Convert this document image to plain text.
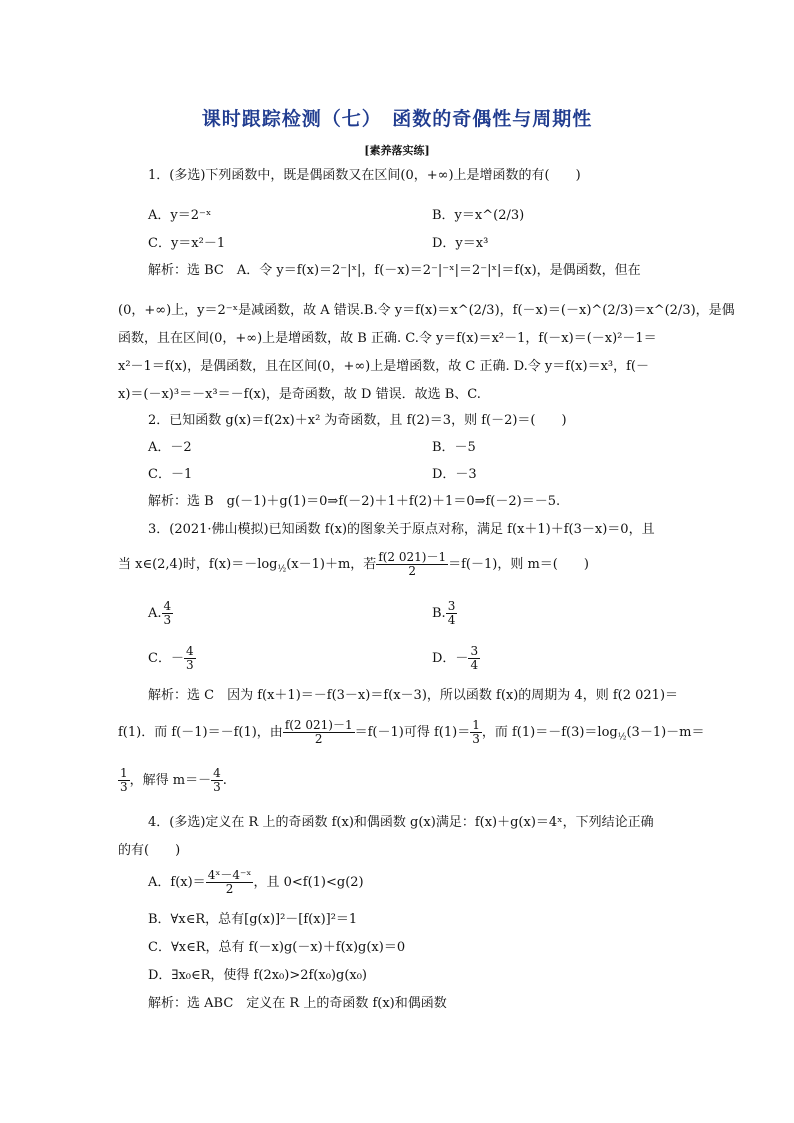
课时跟踪检测（七）　函数的奇偶性与周期性
[素养落实练]
1．(多选)下列函数中，既是偶函数又在区间(0，+∞)上是增函数的有(　　)
A．y＝2⁻ˣ	B．y＝x^(2/3)
C．y＝x²－1	D．y＝x³
解析：选 BC　A．令 y＝f(x)＝2⁻|ˣ|，f(－x)＝2⁻|⁻ˣ|＝2⁻|ˣ|＝f(x)，是偶函数，但在
(0，+∞)上，y＝2⁻ˣ是减函数，故 A 错误.B.令 y＝f(x)＝x^(2/3)，f(－x)＝(－x)^(2/3)＝x^(2/3)，是偶
函数，且在区间(0，+∞)上是增函数，故 B 正确. C.令 y＝f(x)＝x²－1，f(－x)＝(－x)²－1＝
x²－1＝f(x)，是偶函数，且在区间(0，+∞)上是增函数，故 C 正确. D.令 y＝f(x)＝x³，f(－
x)＝(－x)³＝－x³＝－f(x)，是奇函数，故 D 错误．故选 B、C.
2．已知函数 g(x)＝f(2x)＋x² 为奇函数，且 f(2)＝3，则 f(－2)＝(　　)
A．－2	B．－5
C．－1	D．－3
解析：选 B　g(－1)＋g(1)＝0⇒f(－2)＋1＋f(2)＋1＝0⇒f(－2)＝－5.
3．(2021·佛山模拟)已知函数 f(x)的图象关于原点对称，满足 f(x＋1)＋f(3－x)＝0，且
当 x∈(2,4)时，$f(x)=-\log_{\frac{1}{2}}(x-1)+m$，若 $\frac{f(2 021)-1}{2} =f(-1)$，则 m＝(　　)
A. $\frac{4}{3}$	B. $\frac{3}{4}$
C．－ $\frac{4}{3}$	D．－ $\frac{3}{4}$
解析：选 C　因为 f(x＋1)＝－f(3－x)＝f(x－3)，所以函数 f(x)的周期为 4，则 f(2 021)＝
f(1)．而 f(－1)＝－f(1)，由 $\frac{f(2 021)-1}{2} =f(-1)$可得 $f(1)= \frac{1}{3}$ ，而 $f(1)=-f(3)=\log_{\frac{1}{2}}(3-1)-m=$
$\frac{1}{3}$ ，解得 $m=- \frac{4}{3}$ .
4．(多选)定义在 R 上的奇函数 f(x)和偶函数 g(x)满足：f(x)＋g(x)＝4ˣ，下列结论正确
的有(　　)
A．$f(x)= \frac{\text{4ˣ－4⁻ˣ}}{2}$ ，且 0<f(1)<g(2)
B．∀x∈R，总有[g(x)]²－[f(x)]²＝1
C．∀x∈R，总有 f(－x)g(－x)＋f(x)g(x)＝0
D．∃x₀∈R，使得 f(2x₀)>2f(x₀)g(x₀)
解析：选 ABC　定义在 R 上的奇函数 f(x)和偶函数
